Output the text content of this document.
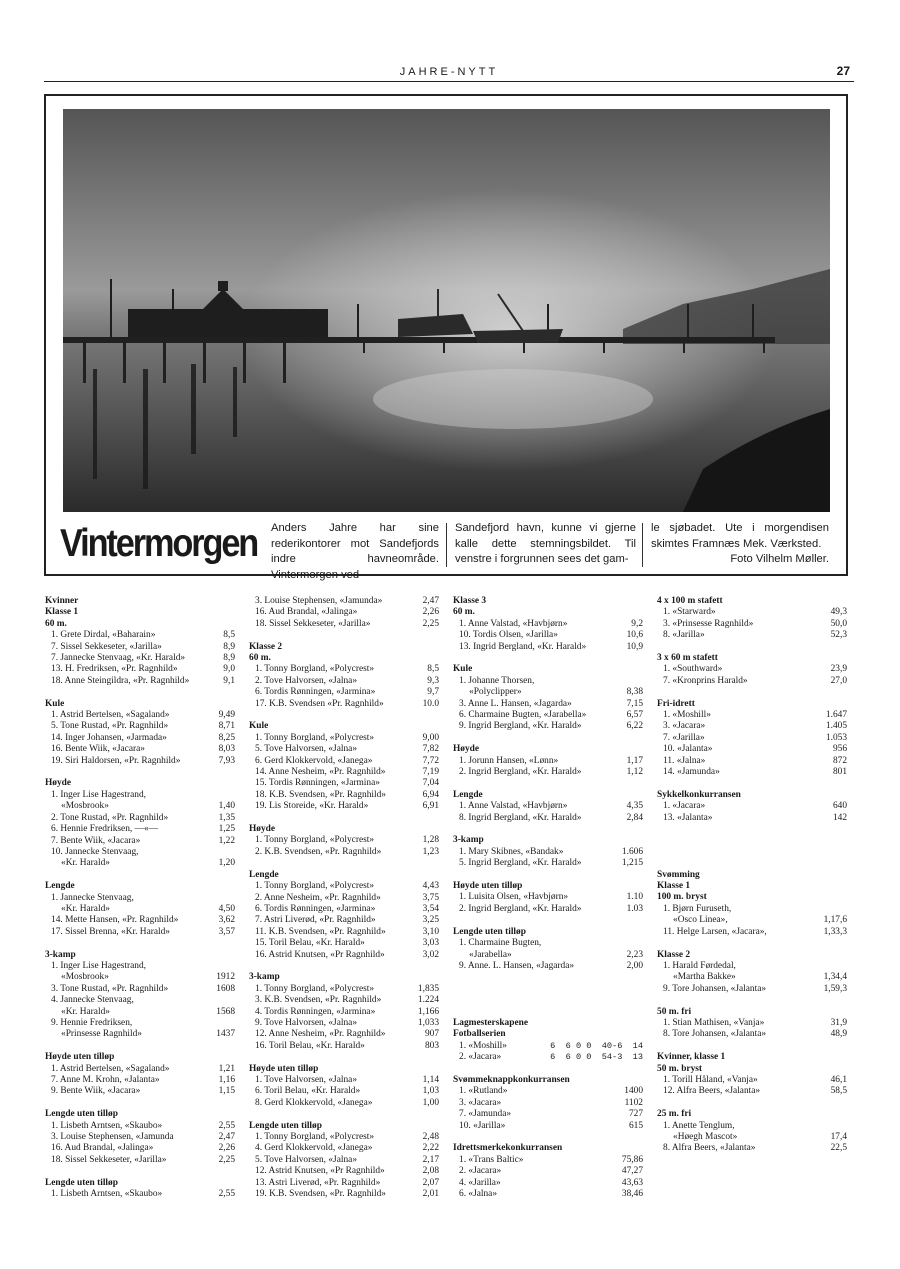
JAHRE-NYTT	27
Vintermorgen Anders Jahre har sine rederikontorer mot Sandefjords indre havneområde. Vintermorgen ved
Sandefjord havn, kunne vi gjerne kalle dette stemningsbildet. Til venstre i forgrunnen sees det gam-
le sjøbadet. Ute i morgendisen skimtes Framnæs Mek. Værksted.
Foto Vilhelm Møller.
Kvinner
Klasse 1
60 m.
1. Grete Dirdal, «Baharain»	8,5
7. Sissel Sekkeseter, «Jarilla»	8,9
7. Jannecke Stenvaag, «Kr. Harald»	8,9
13. H. Fredriksen, «Pr. Ragnhild»	9,0
18. Anne Steingildra, «Pr. Ragnhild»	9,1
Kule
1. Astrid Bertelsen, «Sagaland»	9,49
5. Tone Rustad, «Pr. Ragnhild»	8,71
14. Inger Johansen, «Jarmada»	8,25
16. Bente Wiik, «Jacara»	8,03
19. Siri Haldorsen, «Pr. Ragnhild»	7,93
Høyde
1. Inger Lise Hagestrand,
«Mosbrook»	1,40
2. Tone Rustad, «Pr. Ragnhild»	1,35
6. Hennie Fredriksen, —«—	1,25
7. Bente Wiik, «Jacara»	1,22
10. Jannecke Stenvaag,
«Kr. Harald»	1,20
Lengde
1. Jannecke Stenvaag,
«Kr. Harald»	4,50
14. Mette Hansen, «Pr. Ragnhild»	3,62
17. Sissel Brenna, «Kr. Harald»	3,57
3-kamp
1. Inger Lise Hagestrand,
«Mosbrook»	1912
3. Tone Rustad, «Pr. Ragnhild»	1608
4. Jannecke Stenvaag,
«Kr. Harald»	1568
9. Hennie Fredriksen,
«Prinsesse Ragnhild»	1437
Høyde uten tilløp
1. Astrid Bertelsen, «Sagaland»	1,21
7. Anne M. Krohn, «Jalanta»	1,16
9. Bente Wiik, «Jacara»	1,15
Lengde uten tilløp
1. Lisbeth Arntsen, «Skaubo»	2,55
3. Louise Stephensen, «Jamunda	2,47
16. Aud Brandal, «Jalinga»	2,26
18. Sissel Sekkeseter, «Jarilla»	2,25
Lengde uten tilløp
1. Lisbeth Arntsen, «Skaubo»	2,55
3. Louise Stephensen, «Jamunda»	2,47
16. Aud Brandal, «Jalinga»	2,26
18. Sissel Sekkeseter, «Jarilla»	2,25
Klasse 2
60 m.
1. Tonny Borgland, «Polycrest»	8,5
2. Tove Halvorsen, «Jalna»	9,3
6. Tordis Rønningen, «Jarmina»	9,7
17. K.B. Svendsen «Pr. Ragnhild»	10.0
Kule
1. Tonny Borgland, «Polycrest»	9,00
5. Tove Halvorsen, «Jalna»	7,82
6. Gerd Klokkervold, «Janega»	7,72
14. Anne Nesheim, «Pr. Ragnhild»	7,19
15. Tordis Rønningen, «Jarmina»	7,04
18. K.B. Svendsen, «Pr. Ragnhild»	6,94
19. Lis Storeide, «Kr. Harald»	6,91
Høyde
1. Tonny Borgland, «Polycrest»	1,28
2. K.B. Svendsen, «Pr. Ragnhild»	1,23
Lengde
1. Tonny Borgland, «Polycrest»	4,43
2. Anne Nesheim, «Pr. Ragnhild»	3,75
6. Tordis Rønningen, «Jarmina»	3,54
7. Astri Liverød, «Pr. Ragnhild»	3,25
11. K.B. Svendsen, «Pr. Ragnhild»	3,10
15. Toril Belau, «Kr. Harald»	3,03
16. Astrid Knutsen, «Pr Ragnhild»	3,02
3-kamp
1. Tonny Borgland, «Polycrest»	1,835
3. K.B. Svendsen, «Pr. Ragnhild»	1.224
4. Tordis Rønningen, «Jarmina»	1,166
9. Tove Halvorsen, «Jalna»	1,033
12. Anne Nesheim, «Pr. Ragnhild»	907
16. Toril Belau, «Kr. Harald»	803
Høyde uten tilløp
1. Tove Halvorsen, «Jalna»	1,14
6. Toril Belau, «Kr. Harald»	1,03
8. Gerd Klokkervold, «Janega»	1,00
Lengde uten tilløp
1. Tonny Borgland, «Polycrest»	2,48
4. Gerd Klokkervold, «Janega»	2,22
5. Tove Halvorsen, «Jalna»	2,17
12. Astrid Knutsen, «Pr Ragnhild»	2,08
13. Astri Liverød, «Pr. Ragnhild»	2,07
19. K.B. Svendsen, «Pr. Ragnhild»	2,01
Klasse 3
60 m.
1. Anne Valstad, «Havbjørn»	9,2
10. Tordis Olsen, «Jarilla»	10,6
13. Ingrid Bergland, «Kr. Harald»	10,9
Kule
1. Johanne Thorsen,
«Polyclipper»	8,38
3. Anne L. Hansen, «Jagarda»	7,15
6. Charmaine Bugten, «Jarabella»	6,57
9. Ingrid Bergland, «Kr. Harald»	6,22
Høyde
1. Jorunn Hansen, «Lønn»	1,17
2. Ingrid Bergland, «Kr. Harald»	1,12
Lengde
1. Anne Valstad, «Havbjørn»	4,35
8. Ingrid Bergland, «Kr. Harald»	2,84
3-kamp
1. Mary Skibnes, «Bandak»	1.606
5. Ingrid Bergland, «Kr. Harald»	1,215
Høyde uten tilløp
1. Luisita Olsen, «Havbjørn»	1.10
2. Ingrid Bergland, «Kr. Harald»	1.03
Lengde uten tilløp
1. Charmaine Bugten,
«Jarabella»	2,23
9. Anne. L. Hansen, «Jagarda»	2,00

Lagmesterskapene
Fotballserien
1. «Moshill»	6  6 0 0  40-6  14
2. «Jacara»	6  6 0 0  54-3  13
Svømmeknappkonkurransen
1. «Rutland»	1400
3. «Jacara»	1102
7. «Jamunda»	727
10. «Jarilla»	615
Idrettsmerkekonkurransen
1. «Trans Baltic»	75,86
2. «Jacara»	47,27
4. «Jarilla»	43,63
6. «Jalna»	38,46
4 x 100 m stafett
1. «Starward»	49,3
3. «Prinsesse Ragnhild»	50,0
8. «Jarilla»	52,3
3 x 60 m stafett
1. «Southward»	23,9
7. «Kronprins Harald»	27,0
Fri-idrett
1. «Moshill»	1.647
3. «Jacara»	1.405
7. «Jarilla»	1.053
10. «Jalanta»	956
11. «Jalna»	872
14. «Jamunda»	801
Sykkelkonkurransen
1. «Jacara»	640
13. «Jalanta»	142

Svømming
Klasse 1
100 m. bryst
1. Bjørn Furuseth,
«Osco Linea»,	1,17,6
11. Helge Larsen, «Jacara»,	1,33,3
Klasse 2
1. Harald Førdedal,
«Martha Bakke»	1,34,4
9. Tore Johansen, «Jalanta»	1,59,3
50 m. fri
1. Stian Mathisen, «Vanja»	31,9
8. Tore Johansen, «Jalanta»	48,9
Kvinner, klasse 1
50 m. bryst
1. Torill Håland, «Vanja»	46,1
12. Alfra Beers, «Jalanta»	58,5
25 m. fri
1. Anette Tenglum,
«Høegh Mascot»	17,4
8. Alfra Beers, «Jalanta»	22,5
